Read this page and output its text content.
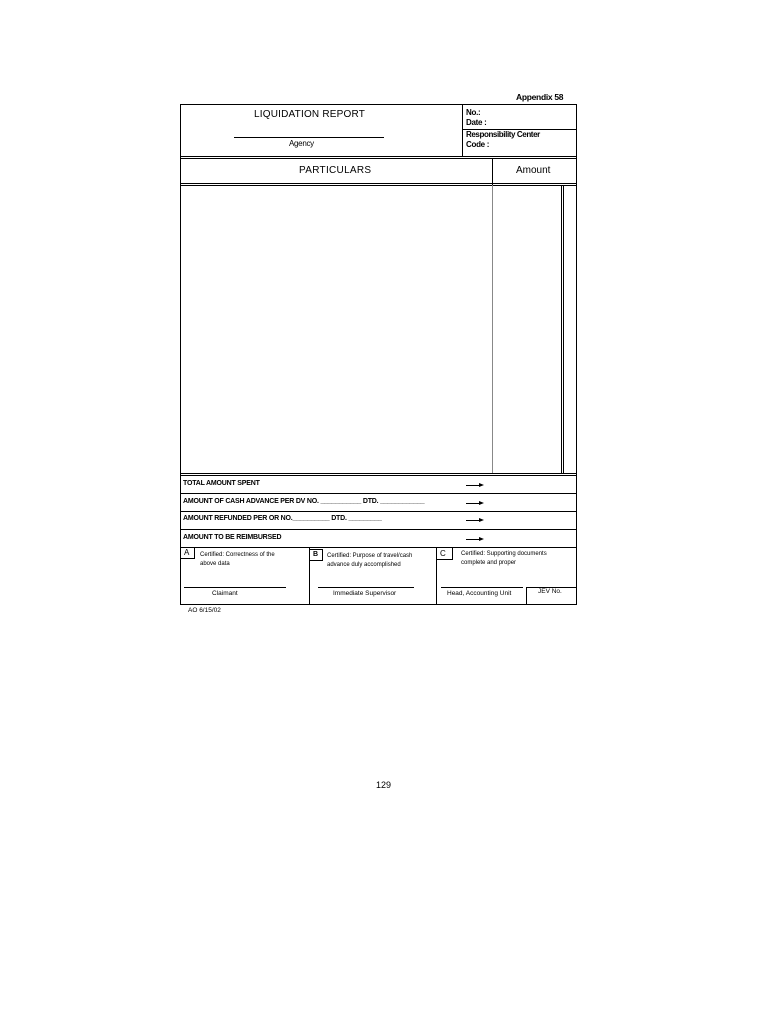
Appendix 58
LIQUIDATION REPORT
Agency
No.:
Date :
Responsibility Center
Code :
PARTICULARS	Amount
TOTAL AMOUNT SPENT
AMOUNT OF CASH ADVANCE PER DV NO. ___________ DTD. ____________
AMOUNT REFUNDED PER OR NO.__________ DTD. _________
AMOUNT TO BE REIMBURSED
A Certified: Correctness of the
above data
Claimant
B Certified: Purpose of travel/cash
advance duly accomplished
Immediate Supervisor
C	Certified: Supporting documents
complete and proper
Head, Accounting Unit	JEV No.
AO 6/15/02
129
